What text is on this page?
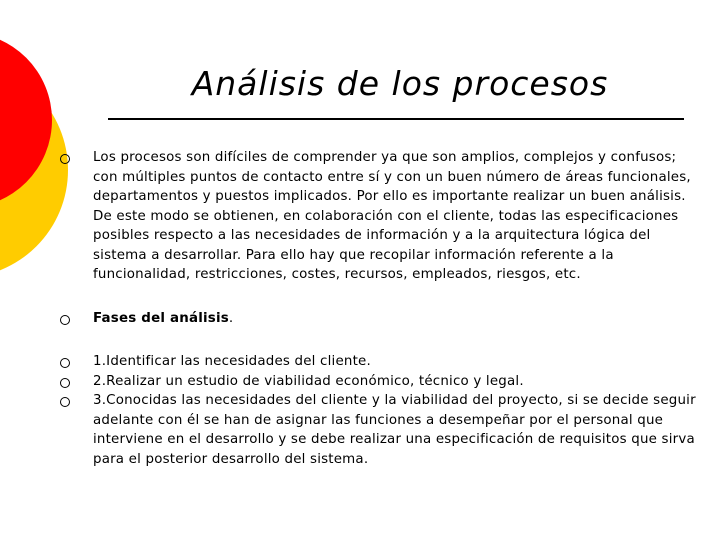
Análisis de los procesos
Los procesos son difíciles de comprender ya que son amplios, complejos y confusos; con múltiples puntos de contacto entre sí y con un buen número de áreas funcionales, departamentos y puestos implicados. Por ello es importante realizar un buen análisis. De este modo se obtienen, en colaboración con el cliente, todas las especificaciones posibles respecto a las necesidades de información y a la arquitectura lógica del sistema a desarrollar. Para ello hay que recopilar información referente a la funcionalidad, restricciones, costes, recursos, empleados, riesgos, etc.
Fases del análisis.
1.Identificar las necesidades del cliente.
2.Realizar un estudio de viabilidad económico, técnico y legal.
3.Conocidas las necesidades del cliente y la viabilidad del proyecto, si se decide seguir adelante con él se han de asignar las funciones a desempeñar por el personal que interviene en el desarrollo y se debe realizar una especificación de requisitos que sirva para el posterior desarrollo del sistema.
